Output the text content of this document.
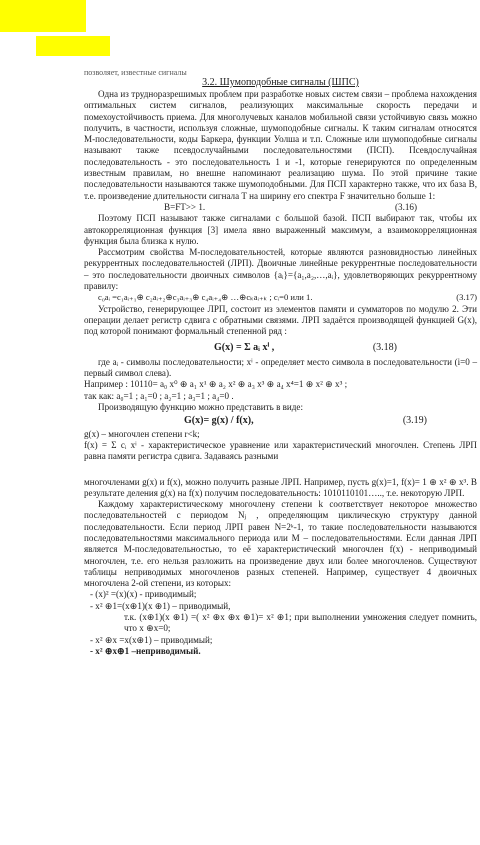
позволяет, известные сигналы

3.2. Шумоподобные сигналы (ШПС)

Одна из трудноразрешимых проблем при разработке новых систем связи – проблема нахождения оптимальных систем сигналов, реализующих максимальные скорость передачи и помехоустойчивость приема. Для многолучевых каналов мобильной связи устойчивую связь можно получить, в частности, используя сложные, шумоподобные сигналы. К таким сигналам относятся M-последовательности, коды Баркера, функции Уолша и т.п. Сложные или шумоподобные сигналы называют также псевдослучайными последовательностями (ПСП). Псевдослучайная последовательность - это последовательность 1 и -1, которые генерируются по определенным известным правилам, но внешне напоминают реализацию шума. По этой причине такие последовательности называются также шумоподобными. Для ПСП характерно также, что их база B, т.е. произведение длительности сигнала T на ширину его спектра F значительно больше 1:

B=FT>> 1.	(3.16)

Поэтому ПСП называют также сигналами с большой базой. ПСП выбирают так, чтобы их автокорреляционная функция [3] имела явно выраженный максимум, а взаимокорреляционная функция была близка к нулю.

Рассмотрим свойства M-последовательностей, которые являются разновидностью линейных рекуррентных последовательностей (ЛРП). Двоичные линейные рекуррентные последовательности – это последовательности двоичных символов {aᵢ}={a₁,a₂,…,aᵢ}, удовлетворяющих рекуррентному правилу:

c₀aᵢ =c₁aᵢ₊₁⊕ c₂aᵢ₊₂⊕c₃aᵢ₊₃⊕ c₄aᵢ₊₄⊕ …⊕cₖaᵢ₊ₖ ; cᵢ=0 или 1.	(3.17)

Устройство, генерирующее ЛРП, состоит из элементов памяти и сумматоров по модулю 2. Эти операции делает регистр сдвига с обратными связями. ЛРП задаётся производящей функцией G(x), под которой понимают формальный степенной ряд :

G(x) = Σ aᵢ xⁱ ,	(3.18)

где aᵢ - символы последовательности; xⁱ - определяет место символа в последовательности (i=0 – первый символ слева).

Например : 10110= a₀ x⁰ ⊕ a₁ x¹ ⊕ a₂ x² ⊕ a₃ x³ ⊕ a₄ x⁴=1 ⊕ x² ⊕ x³ ;

так как: a₀=1 ; a₁=0 ; a₂=1 ; a₃=1 ; a₄=0 .

Производящую функцию можно представить в виде:

G(x)= g(x) / f(x),	(3.19)

g(x) – многочлен степени r<k;

f(x) = Σ cᵢ xⁱ - характеристическое уравнение или характеристический многочлен. Степень ЛРП равна памяти регистра сдвига. Задаваясь разными

многочленами g(x) и f(x), можно получить разные ЛРП. Например, пусть g(x)=1, f(x)= 1 ⊕ x² ⊕ x³. В результате деления g(x) на f(x) получим последовательность: 1010110101….., т.е. некоторую ЛРП.

Каждому характеристическому многочлену степени k соответствует некоторое множество последовательностей с периодом Nⱼ , определяющим циклическую структуру данной последовательности. Если период ЛРП равен N=2ᵏ-1, то такие последовательности называются последовательностями максимального периода или M – последовательностями. Если данная ЛРП является M-последовательностью, то её характеристический многочлен f(x) - неприводимый многочлен, т.е. его нельзя разложить на произведение двух или более многочленов. Существуют таблицы неприводимых многочленов разных степеней. Например, существует 4 двоичных многочлена 2-ой степени, из которых:

- (x)² =(x)(x) - приводимый;

- x² ⊕1=(x⊕1)(x ⊕1) – приводимый,

т.к. (x⊕1)(x ⊕1) =( x² ⊕x ⊕x ⊕1)= x² ⊕1; при выполнении умножения следует помнить, что x ⊕x=0;

- x² ⊕x =x(x⊕1) – приводимый;

- x² ⊕x⊕1 –неприводимый.
